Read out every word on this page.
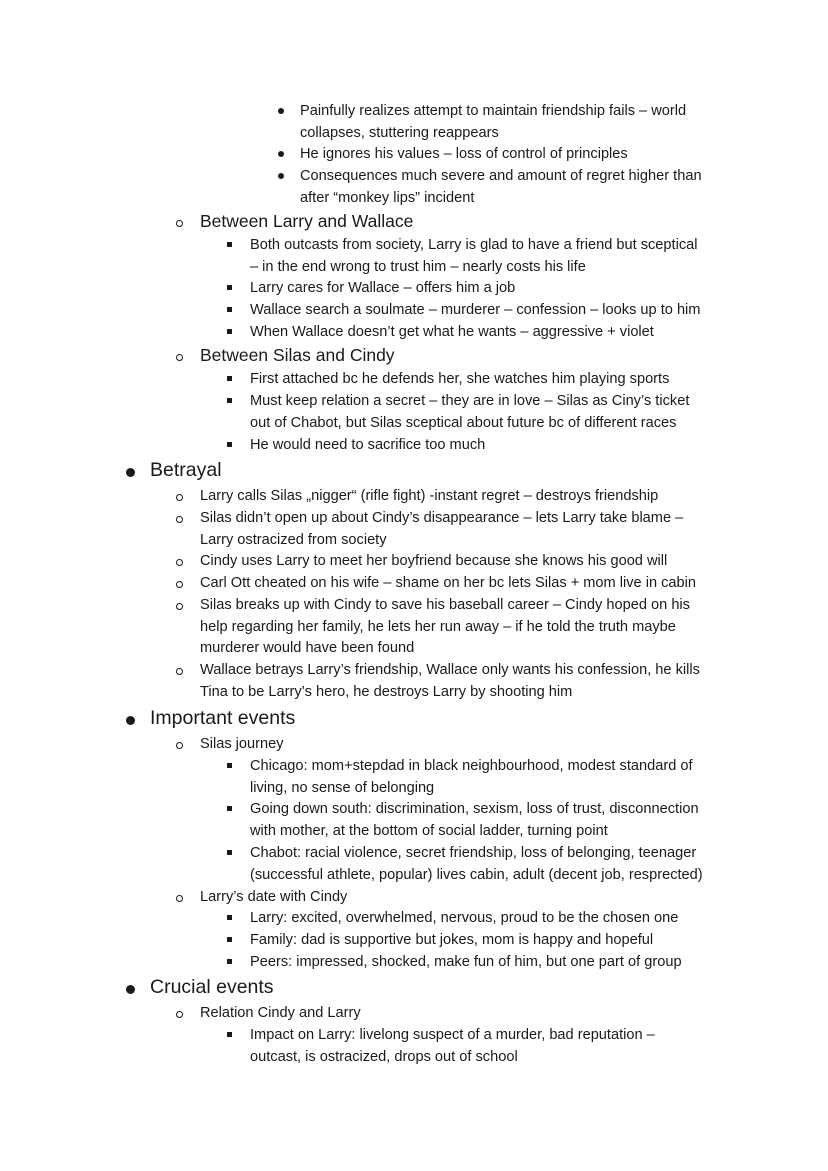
Painfully realizes attempt to maintain friendship fails – world
collapses, stuttering reappears
He ignores his values – loss of control of principles
Consequences much severe and amount of regret higher than
after “monkey lips” incident
Between Larry and Wallace
Both outcasts from society, Larry is glad to have a friend but sceptical
– in the end wrong to trust him – nearly costs his life
Larry cares for Wallace – offers him a job
Wallace search a soulmate – murderer – confession – looks up to him
When Wallace doesn’t get what he wants – aggressive + violet
Between Silas and Cindy
First attached bc he defends her, she watches him playing sports
Must keep relation a secret – they are in love – Silas as Ciny’s ticket
out of Chabot, but Silas sceptical about future bc of different races
He would need to sacrifice too much
Betrayal
Larry calls Silas „nigger“ (rifle fight) -instant regret – destroys friendship
Silas didn’t open up about Cindy’s disappearance – lets Larry take blame –
Larry ostracized from society
Cindy uses Larry to meet her boyfriend because she knows his good will
Carl Ott cheated on his wife – shame on her bc lets Silas + mom live in cabin
Silas breaks up with Cindy to save his baseball career – Cindy hoped on his
help regarding her family, he lets her run away – if he told the truth maybe
murderer would have been found
Wallace betrays Larry’s friendship, Wallace only wants his confession, he kills
Tina to be Larry’s hero, he destroys Larry by shooting him
Important events
Silas journey
Chicago: mom+stepdad in black neighbourhood, modest standard of
living, no sense of belonging
Going down south: discrimination, sexism, loss of trust, disconnection
with mother, at the bottom of social ladder, turning point
Chabot: racial violence, secret friendship, loss of belonging, teenager
(successful athlete, popular) lives cabin, adult (decent job, resprected)
Larry’s date with Cindy
Larry: excited, overwhelmed, nervous, proud to be the chosen one
Family: dad is supportive but jokes, mom is happy and hopeful
Peers: impressed, shocked, make fun of him, but one part of group
Crucial events
Relation Cindy and Larry
Impact on Larry: livelong suspect of a murder, bad reputation –
outcast, is ostracized, drops out of school
